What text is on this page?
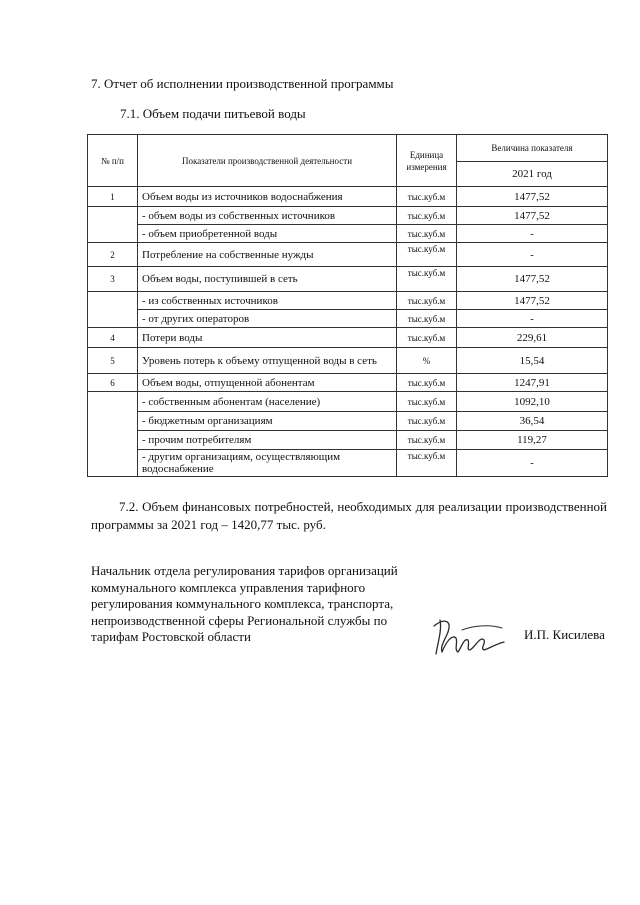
7. Отчет об исполнении производственной программы
7.1. Объем подачи питьевой воды
№ п/п	Показатели производственной деятельности	Единица измерения	Величина показателя
			2021 год
1	Объем воды из источников водоснабжения	тыс.куб.м	1477,52
	- объем воды из собственных источников	тыс.куб.м	1477,52
	- объем приобретенной воды	тыс.куб.м	-
2	Потребление на собственные нужды	тыс.куб.м	-
3	Объем воды, поступившей в сеть	тыс.куб.м	1477,52
	- из собственных источников	тыс.куб.м	1477,52
	- от других операторов	тыс.куб.м	-
4	Потери воды	тыс.куб.м	229,61
5	Уровень потерь к объему отпущенной воды в сеть	%	15,54
6	Объем воды, отпущенной абонентам	тыс.куб.м	1247,91
	- собственным абонентам (население)	тыс.куб.м	1092,10
	- бюджетным организациям	тыс.куб.м	36,54
	- прочим потребителям	тыс.куб.м	119,27
	- другим организациям, осуществляющим водоснабжение	тыс.куб.м	-
7.2. Объем финансовых потребностей, необходимых для реализации производственной программы за 2021 год – 1420,77 тыс. руб.
Начальник отдела регулирования тарифов организаций коммунального комплекса управления тарифного регулирования коммунального комплекса, транспорта, непроизводственной сферы Региональной службы по тарифам Ростовской области	И.П. Кисилева
